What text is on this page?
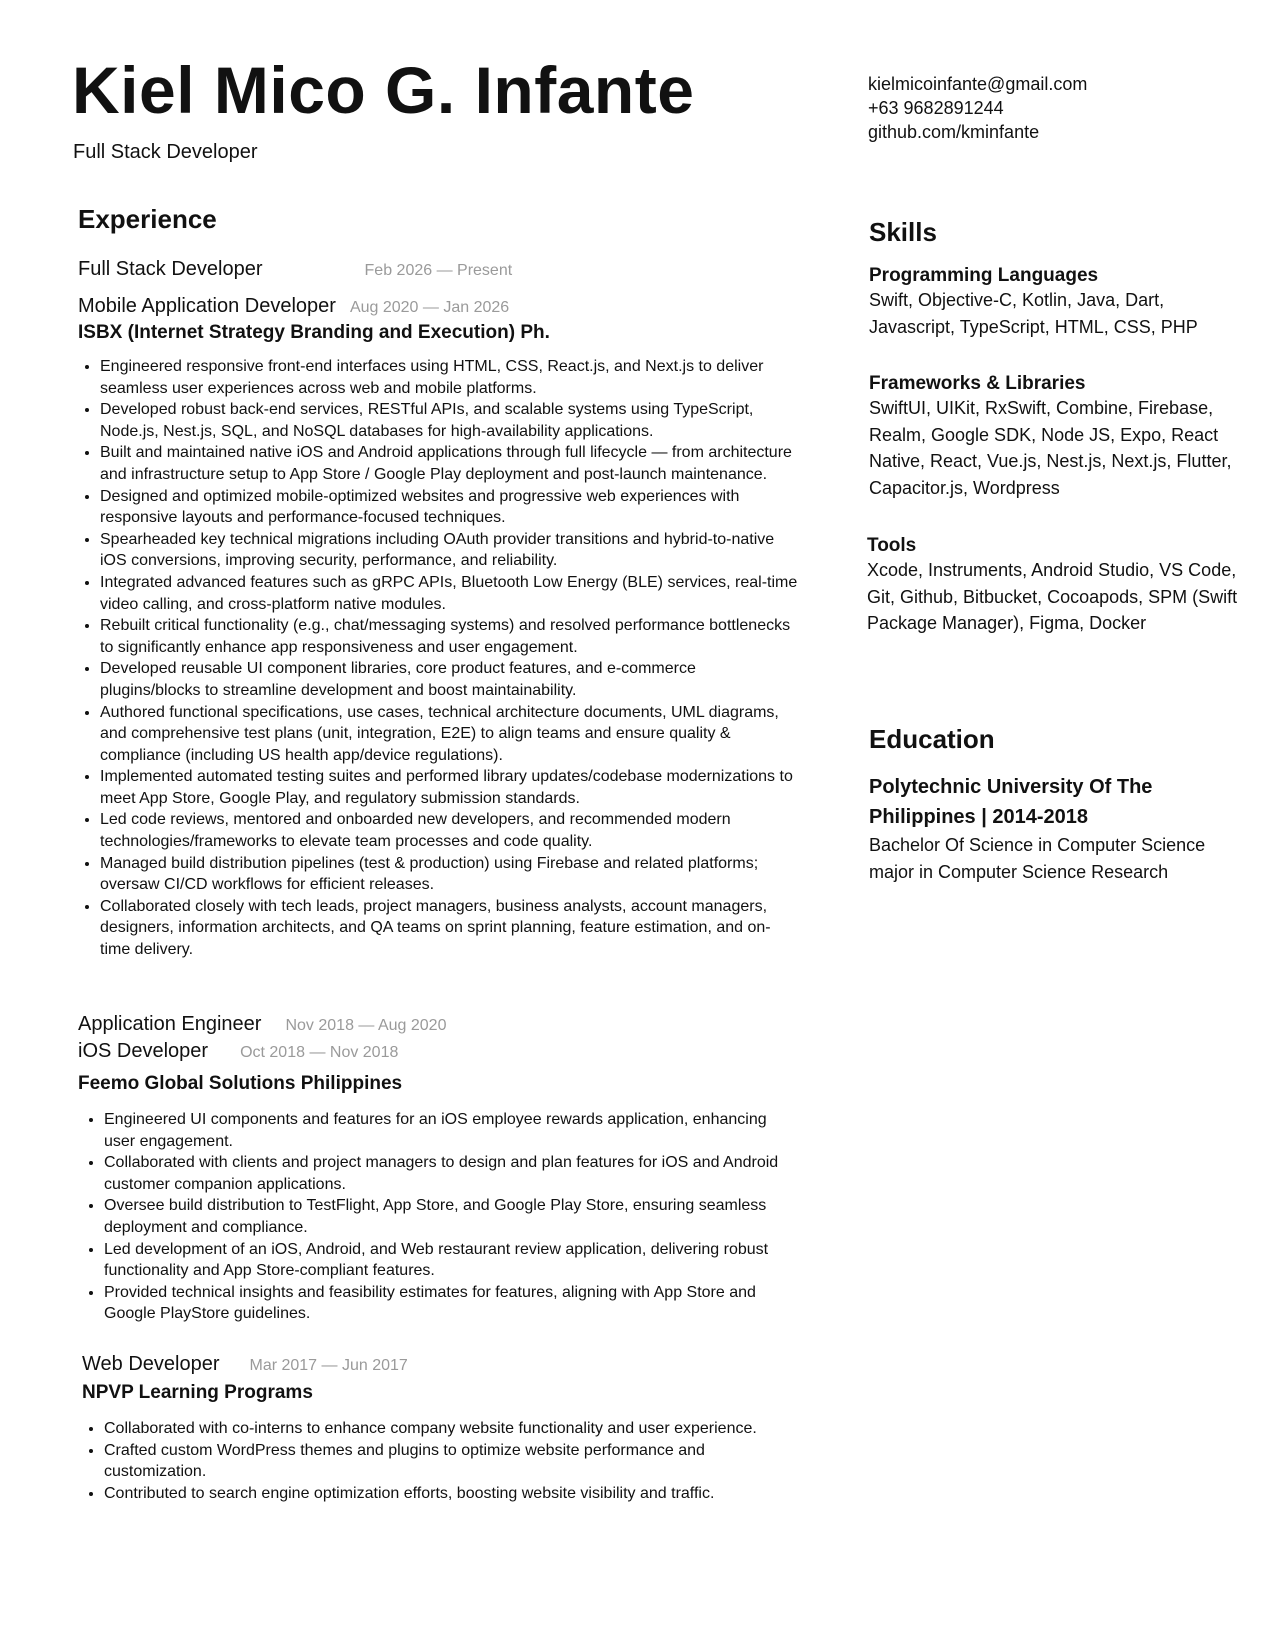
Kiel Mico G. Infante
Full Stack Developer
kielmicoinfante@gmail.com
+63 9682891244
github.com/kminfante
Experience
Full Stack Developer	Feb 2026 — Present
Mobile Application Developer Aug 2020 — Jan 2026
ISBX (Internet Strategy Branding and Execution) Ph.
• Engineered responsive front-end interfaces using HTML, CSS, React.js, and Next.js to deliver seamless user experiences across web and mobile platforms.
• Developed robust back-end services, RESTful APIs, and scalable systems using TypeScript, Node.js, Nest.js, SQL, and NoSQL databases for high-availability applications.
• Built and maintained native iOS and Android applications through full lifecycle — from architecture and infrastructure setup to App Store / Google Play deployment and post-launch maintenance.
• Designed and optimized mobile-optimized websites and progressive web experiences with responsive layouts and performance-focused techniques.
• Spearheaded key technical migrations including OAuth provider transitions and hybrid-to-native iOS conversions, improving security, performance, and reliability.
• Integrated advanced features such as gRPC APIs, Bluetooth Low Energy (BLE) services, real-time video calling, and cross-platform native modules.
• Rebuilt critical functionality (e.g., chat/messaging systems) and resolved performance bottlenecks to significantly enhance app responsiveness and user engagement.
• Developed reusable UI component libraries, core product features, and e-commerce plugins/blocks to streamline development and boost maintainability.
• Authored functional specifications, use cases, technical architecture documents, UML diagrams, and comprehensive test plans (unit, integration, E2E) to align teams and ensure quality & compliance (including US health app/device regulations).
• Implemented automated testing suites and performed library updates/codebase modernizations to meet App Store, Google Play, and regulatory submission standards.
• Led code reviews, mentored and onboarded new developers, and recommended modern technologies/frameworks to elevate team processes and code quality.
• Managed build distribution pipelines (test & production) using Firebase and related platforms; oversaw CI/CD workflows for efficient releases.
• Collaborated closely with tech leads, project managers, business analysts, account managers, designers, information architects, and QA teams on sprint planning, feature estimation, and on-time delivery.
Application Engineer Nov 2018 — Aug 2020
iOS Developer Oct 2018 — Nov 2018
Feemo Global Solutions Philippines
• Engineered UI components and features for an iOS employee rewards application, enhancing user engagement.
• Collaborated with clients and project managers to design and plan features for iOS and Android customer companion applications.
• Oversee build distribution to TestFlight, App Store, and Google Play Store, ensuring seamless deployment and compliance.
• Led development of an iOS, Android, and Web restaurant review application, delivering robust functionality and App Store-compliant features.
• Provided technical insights and feasibility estimates for features, aligning with App Store and Google PlayStore guidelines.
Web Developer Mar 2017 — Jun 2017
NPVP Learning Programs
• Collaborated with co-interns to enhance company website functionality and user experience.
• Crafted custom WordPress themes and plugins to optimize website performance and customization.
• Contributed to search engine optimization efforts, boosting website visibility and traffic.
Skills

Programming Languages

Swift, Objective-C, Kotlin, Java, Dart, Javascript, TypeScript, HTML, CSS, PHP

Frameworks & Libraries

SwiftUI, UIKit, RxSwift, Combine, Firebase, Realm, Google SDK, Node JS, Expo, React Native, React, Vue.js, Nest.js, Next.js, Flutter, Capacitor.js, Wordpress

Tools

Xcode, Instruments, Android Studio, VS Code, Git, Github, Bitbucket, Cocoapods, SPM (Swift Package Manager), Figma, Docker

Education

Polytechnic University Of The Philippines | 2014-2018

Bachelor Of Science in Computer Science major in Computer Science Research
